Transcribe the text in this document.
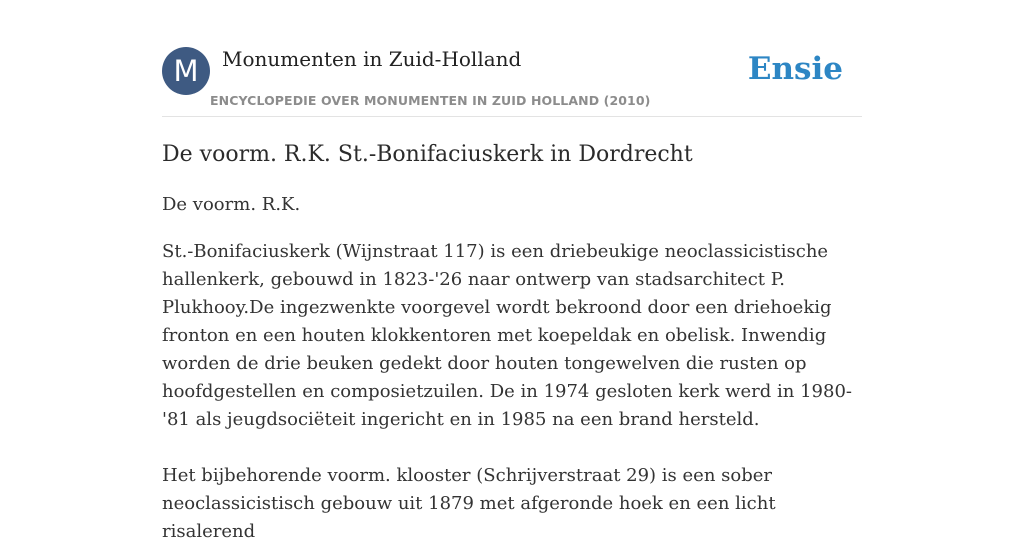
M	Monumenten in Zuid-Holland
ENCYCLOPEDIE OVER MONUMENTEN IN ZUID HOLLAND (2010)
Ensie
De voorm. R.K. St.-Bonifaciuskerk in Dordrecht

De voorm. R.K.

St.-Bonifaciuskerk (Wijnstraat 117) is een driebeukige neoclassicistische hallenkerk, gebouwd in 1823-'26 naar ontwerp van stadsarchitect P. Plukhooy.De ingezwenkte voorgevel wordt bekroond door een driehoekig fronton en een houten klokkentoren met koepeldak en obelisk. Inwendig worden de drie beuken gedekt door houten tongewelven die rusten op hoofdgestellen en composietzuilen. De in 1974 gesloten kerk werd in 1980-'81 als jeugdsociëteit ingericht en in 1985 na een brand hersteld.

Het bijbehorende voorm. klooster (Schrijverstraat 29) is een sober neoclassicistisch gebouw uit 1879 met afgeronde hoek en een licht risalerend
